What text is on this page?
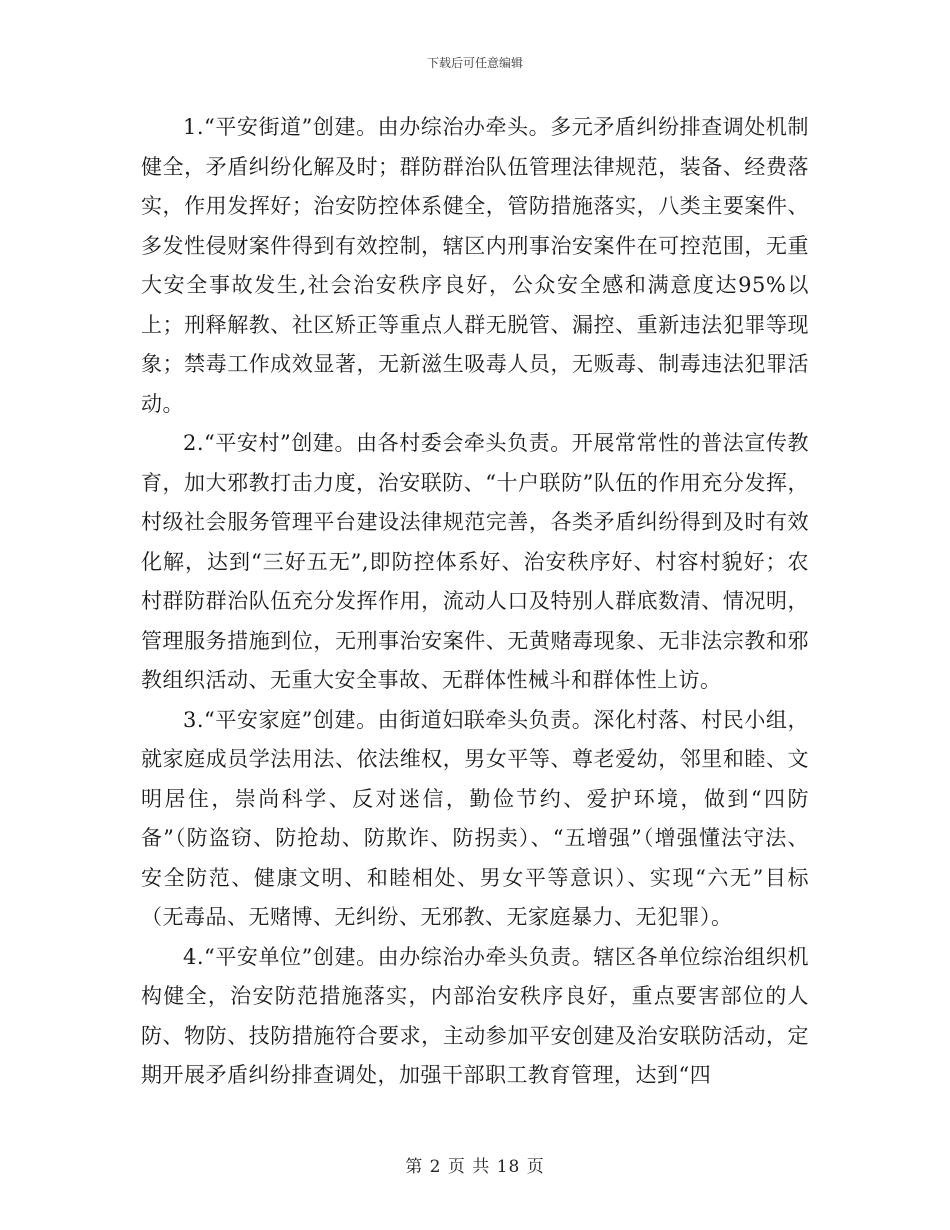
下载后可任意编辑

1.“平安街道”创建。由办综治办牵头。多元矛盾纠纷排查调处机制健全，矛盾纠纷化解及时；群防群治队伍管理法律规范，装备、经费落实，作用发挥好；治安防控体系健全，管防措施落实，八类主要案件、多发性侵财案件得到有效控制，辖区内刑事治安案件在可控范围，无重大安全事故发生,社会治安秩序良好，公众安全感和满意度达95%以上；刑释解教、社区矫正等重点人群无脱管、漏控、重新违法犯罪等现象；禁毒工作成效显著，无新滋生吸毒人员，无贩毒、制毒违法犯罪活动。

2.“平安村”创建。由各村委会牵头负责。开展常常性的普法宣传教育，加大邪教打击力度，治安联防、“十户联防”队伍的作用充分发挥，村级社会服务管理平台建设法律规范完善，各类矛盾纠纷得到及时有效化解，达到“三好五无”,即防控体系好、治安秩序好、村容村貌好；农村群防群治队伍充分发挥作用，流动人口及特别人群底数清、情况明，管理服务措施到位，无刑事治安案件、无黄赌毒现象、无非法宗教和邪教组织活动、无重大安全事故、无群体性械斗和群体性上访。

3.“平安家庭”创建。由街道妇联牵头负责。深化村落、村民小组，就家庭成员学法用法、依法维权，男女平等、尊老爱幼，邻里和睦、文明居住，崇尚科学、反对迷信，勤俭节约、爱护环境，做到“四防备”（防盗窃、防抢劫、防欺诈、防拐卖）、“五增强”（增强懂法守法、安全防范、健康文明、和睦相处、男女平等意识）、实现“六无”目标（无毒品、无赌博、无纠纷、无邪教、无家庭暴力、无犯罪）。

4.“平安单位”创建。由办综治办牵头负责。辖区各单位综治组织机构健全，治安防范措施落实，内部治安秩序良好，重点要害部位的人防、物防、技防措施符合要求，主动参加平安创建及治安联防活动，定期开展矛盾纠纷排查调处，加强干部职工教育管理，达到“四

第 2 页 共 18 页
